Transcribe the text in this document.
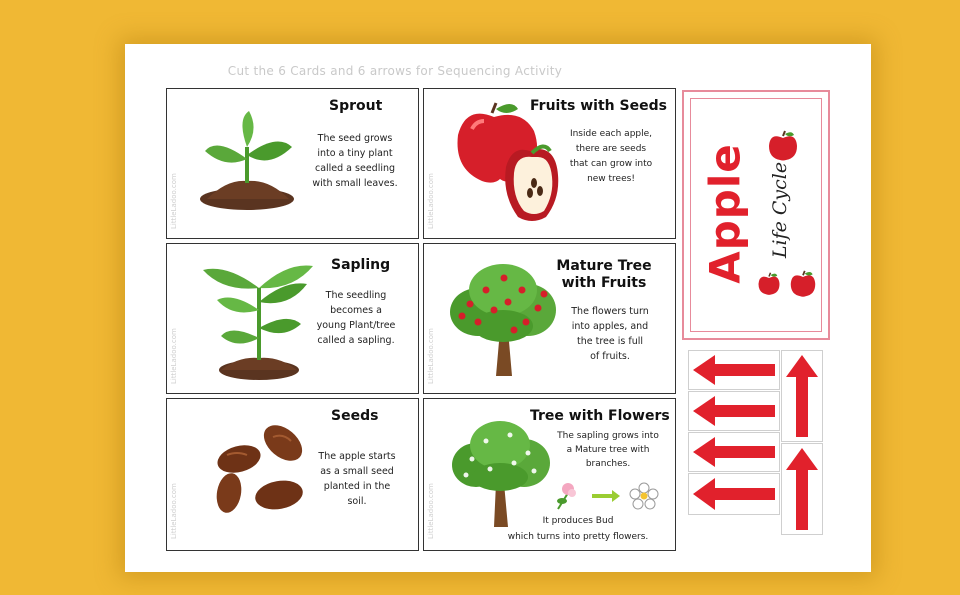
Cut the 6 Cards and 6 arrows for Sequencing Activity
LittleLadoo.com
Sprout
The seed grows
into a tiny plant
called a seedling
with small leaves.	LittleLadoo.com
Fruits with Seeds
Inside each apple,
there are seeds
that can grow into
new trees!
LittleLadoo.com
Sapling
The seedling
becomes a
young Plant/tree
called a sapling.	LittleLadoo.com
Mature Tree
with Fruits
The flowers turn
into apples, and
the tree is full
of fruits.
LittleLadoo.com
Seeds
The apple starts
as a small seed
planted in the
soil.	LittleLadoo.com
Tree with Flowers
The sapling grows into
a Mature tree with
branches.
It produces Bud
which turns into pretty flowers.
Apple Life Cycle
